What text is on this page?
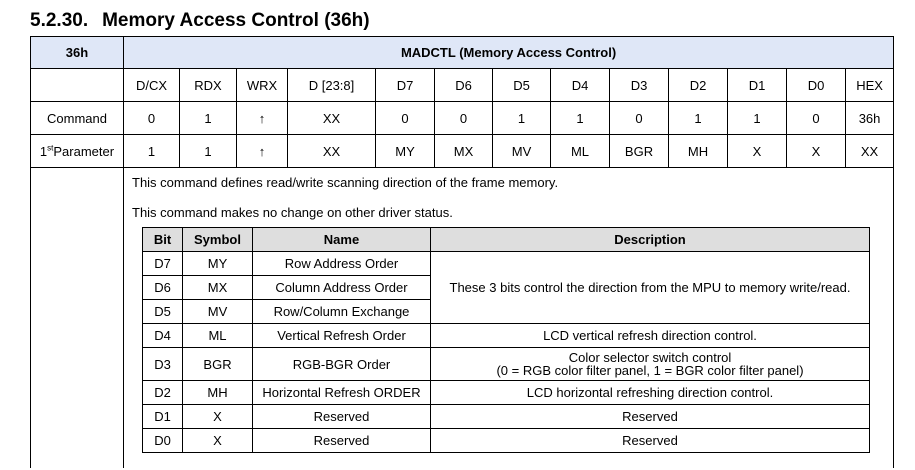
5.2.30. Memory Access Control (36h)
36h	MADCTL (Memory Access Control)
	D/CX	RDX	WRX	D [23:8]	D7	D6	D5	D4	D3	D2	D1	D0	HEX
Command	0	1	↑	XX	0	0	1	1	0	1	1	0	36h
1stParameter	1	1	↑	XX	MY	MX	MV	ML	BGR	MH	X	X	XX

This command defines read/write scanning direction of the frame memory.

This command makes no change on other driver status.

Bit	Symbol	Name	Description
D7	MY	Row Address Order	These 3 bits control the direction from the MPU to memory write/read.
D6	MX	Column Address Order
D5	MV	Row/Column Exchange
D4	ML	Vertical Refresh Order	LCD vertical refresh direction control.
D3	BGR	RGB-BGR Order	Color selector switch control
(0 = RGB color filter panel, 1 = BGR color filter panel)

D2	MH	Horizontal Refresh ORDER	LCD horizontal refreshing direction control.
D1	X	Reserved	Reserved
D0	X	Reserved	Reserved
